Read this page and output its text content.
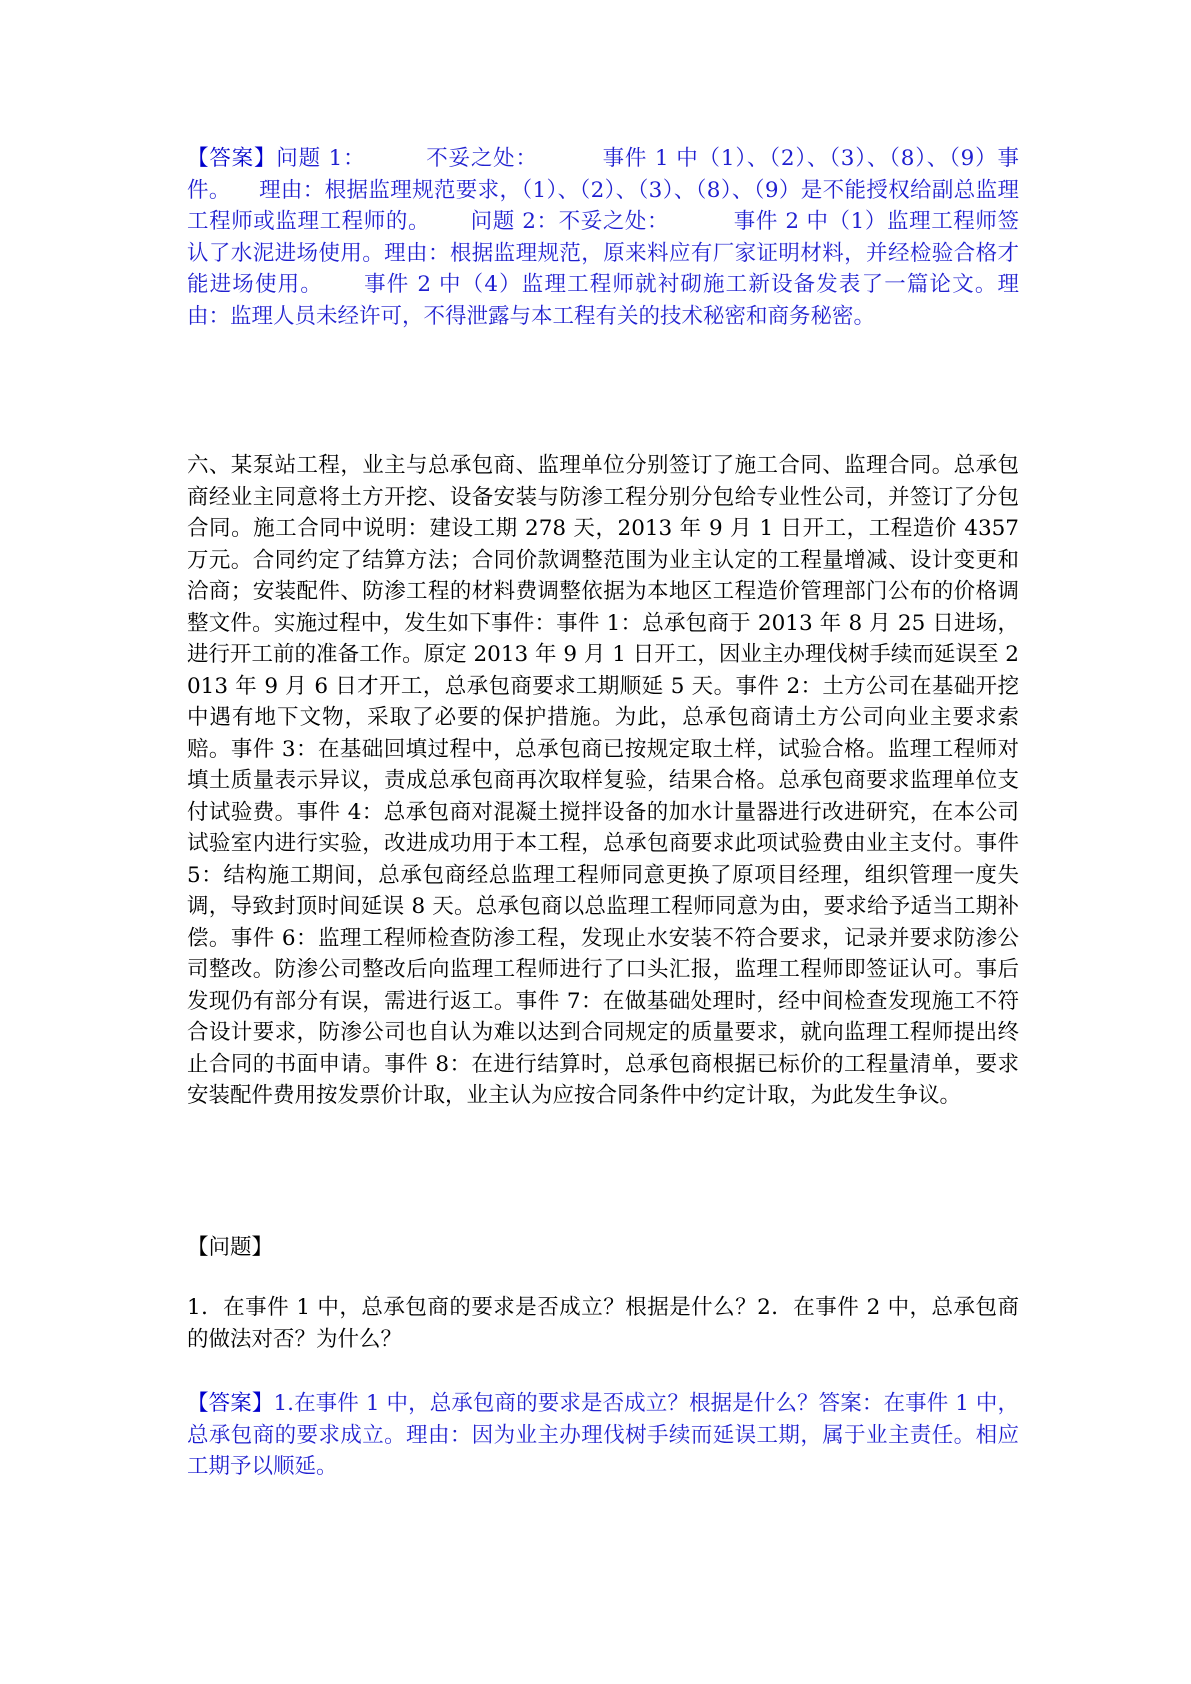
【答案】问题 1：	不妥之处：	事件 1 中（1）、（2）、（3）、（8）、（9）事件。 理由：根据监理规范要求，（1）、（2）、（3）、（8）、（9）是不能授权给副总监理工程师或监理工程师的。 问题 2：不妥之处：	事件 2 中（1）监理工程师签认了水泥进场使用。理由：根据监理规范，原来料应有厂家证明材料，并经检验合格才能进场使用。 事件 2 中（4）监理工程师就衬砌施工新设备发表了一篇论文。理由：监理人员未经许可，不得泄露与本工程有关的技术秘密和商务秘密。

六、某泵站工程，业主与总承包商、监理单位分别签订了施工合同、监理合同。总承包商经业主同意将土方开挖、设备安装与防渗工程分别分包给专业性公司，并签订了分包合同。施工合同中说明：建设工期 278 天，2013 年 9 月 1 日开工，工程造价 4357 万元。合同约定了结算方法；合同价款调整范围为业主认定的工程量增减、设计变更和洽商；安装配件、防渗工程的材料费调整依据为本地区工程造价管理部门公布的价格调整文件。实施过程中，发生如下事件：事件 1：总承包商于 2013 年 8 月 25 日进场，进行开工前的准备工作。原定 2013 年 9 月 1 日开工，因业主办理伐树手续而延误至 2013 年 9 月 6 日才开工，总承包商要求工期顺延 5 天。事件 2：土方公司在基础开挖中遇有地下文物，采取了必要的保护措施。为此，总承包商请土方公司向业主要求索赔。事件 3：在基础回填过程中，总承包商已按规定取土样，试验合格。监理工程师对填土质量表示异议，责成总承包商再次取样复验，结果合格。总承包商要求监理单位支付试验费。事件 4：总承包商对混凝土搅拌设备的加水计量器进行改进研究，在本公司试验室内进行实验，改进成功用于本工程，总承包商要求此项试验费由业主支付。事件 5：结构施工期间，总承包商经总监理工程师同意更换了原项目经理，组织管理一度失调，导致封顶时间延误 8 天。总承包商以总监理工程师同意为由，要求给予适当工期补偿。事件 6：监理工程师检查防渗工程，发现止水安装不符合要求，记录并要求防渗公司整改。防渗公司整改后向监理工程师进行了口头汇报，监理工程师即签证认可。事后发现仍有部分有误，需进行返工。事件 7：在做基础处理时，经中间检查发现施工不符合设计要求，防渗公司也自认为难以达到合同规定的质量要求，就向监理工程师提出终止合同的书面申请。事件 8：在进行结算时，总承包商根据已标价的工程量清单，要求安装配件费用按发票价计取，业主认为应按合同条件中约定计取，为此发生争议。

【问题】

1．在事件 1 中，总承包商的要求是否成立？根据是什么？2．在事件 2 中，总承包商的做法对否？为什么？

【答案】1.在事件 1 中，总承包商的要求是否成立？根据是什么？答案：在事件 1 中，总承包商的要求成立。理由：因为业主办理伐树手续而延误工期，属于业主责任。相应工期予以顺延。
